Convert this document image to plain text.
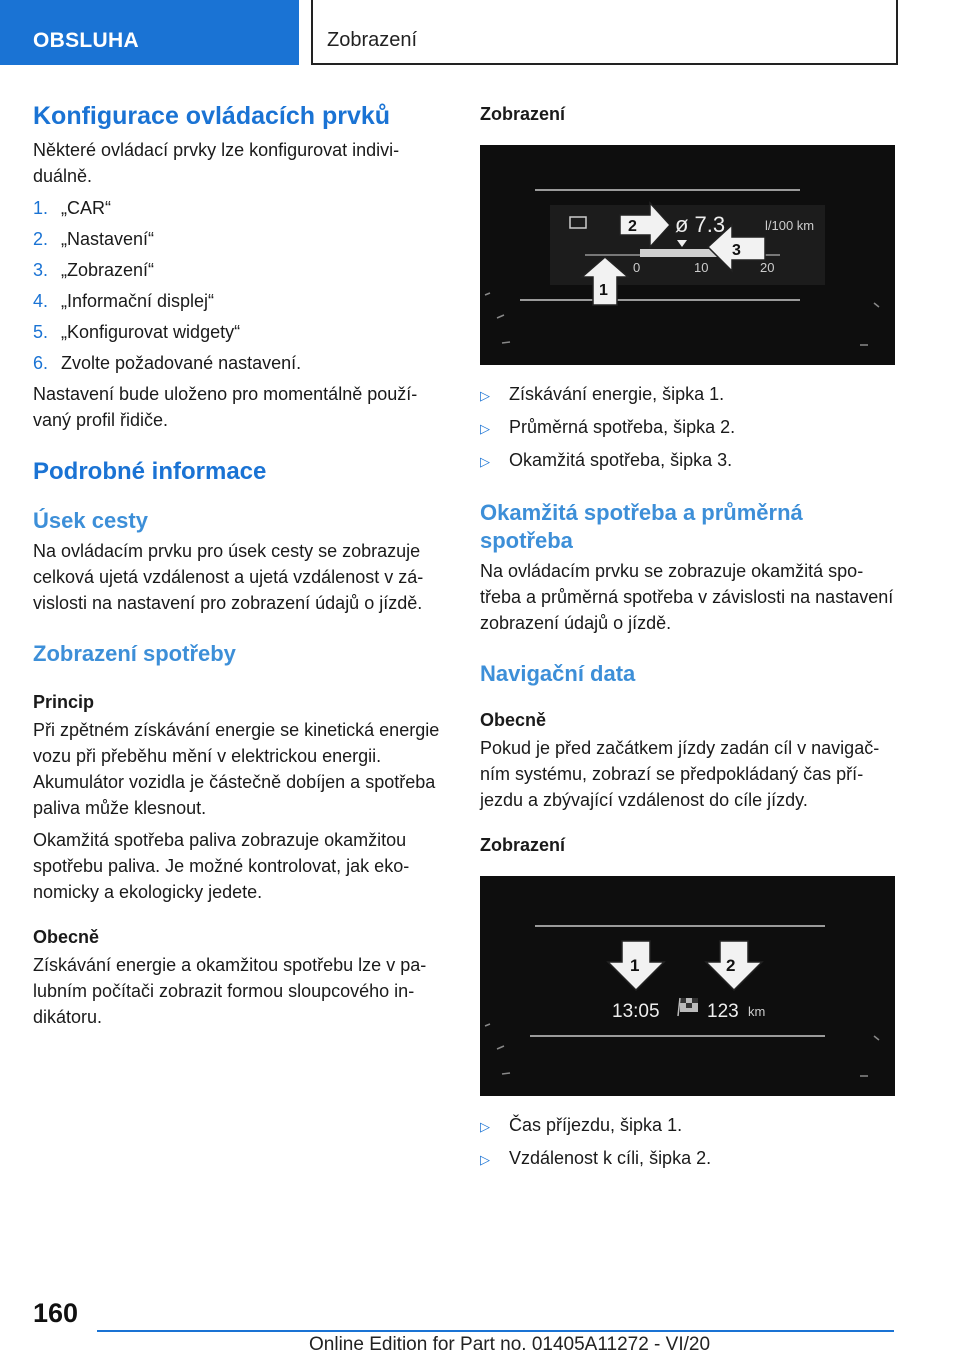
OBSLUHA	Zobrazení
Konfigurace ovládacích prvků

Některé ovládací prvky lze konfigurovat individuálně.

1. „CAR“
2. „Nastavení“
3. „Zobrazení“
4. „Informační displej“
5. „Konfigurovat widgety“
6. Zvolte požadované nastavení.

Nastavení bude uloženo pro momentálně používaný profil řidiče.

Podrobné informace
Úsek cesty

Na ovládacím prvku pro úsek cesty se zobrazuje celková ujetá vzdálenost a ujetá vzdálenost v závislosti na nastavení pro zobrazení údajů o jízdě.

Zobrazení spotřeby
Princip

Při zpětném získávání energie se kinetická energie vozu při přeběhu mění v elektrickou energii. Akumulátor vozidla je částečně dobíjen a spotřeba paliva může klesnout.

Okamžitá spotřeba paliva zobrazuje okamžitou spotřebu paliva. Je možné kontrolovat, jak ekonomicky a ekologicky jedete.

Obecně

Získávání energie a okamžitou spotřebu lze v palubním počítači zobrazit formou sloupcového indikátoru.

Zobrazení
ø 7.3	l/100 km
0	10	20
1
2
3
▷	Získávání energie, šipka 1.
▷	Průměrná spotřeba, šipka 2.
▷	Okamžitá spotřeba, šipka 3.
Okamžitá spotřeba a průměrná spotřeba

Na ovládacím prvku se zobrazuje okamžitá spotřeba a průměrná spotřeba v závislosti na nastavení zobrazení údajů o jízdě.

Navigační data
Obecně

Pokud je před začátkem jízdy zadán cíl v navigačním systému, zobrazí se předpokládaný čas příjezdu a zbývající vzdálenost do cíle jízdy.

Zobrazení
13:05 123 km
1	2
▷	Čas příjezdu, šipka 1.
▷	Vzdálenost k cíli, šipka 2.
160
Online Edition for Part no. 01405A11272 - VI/20
